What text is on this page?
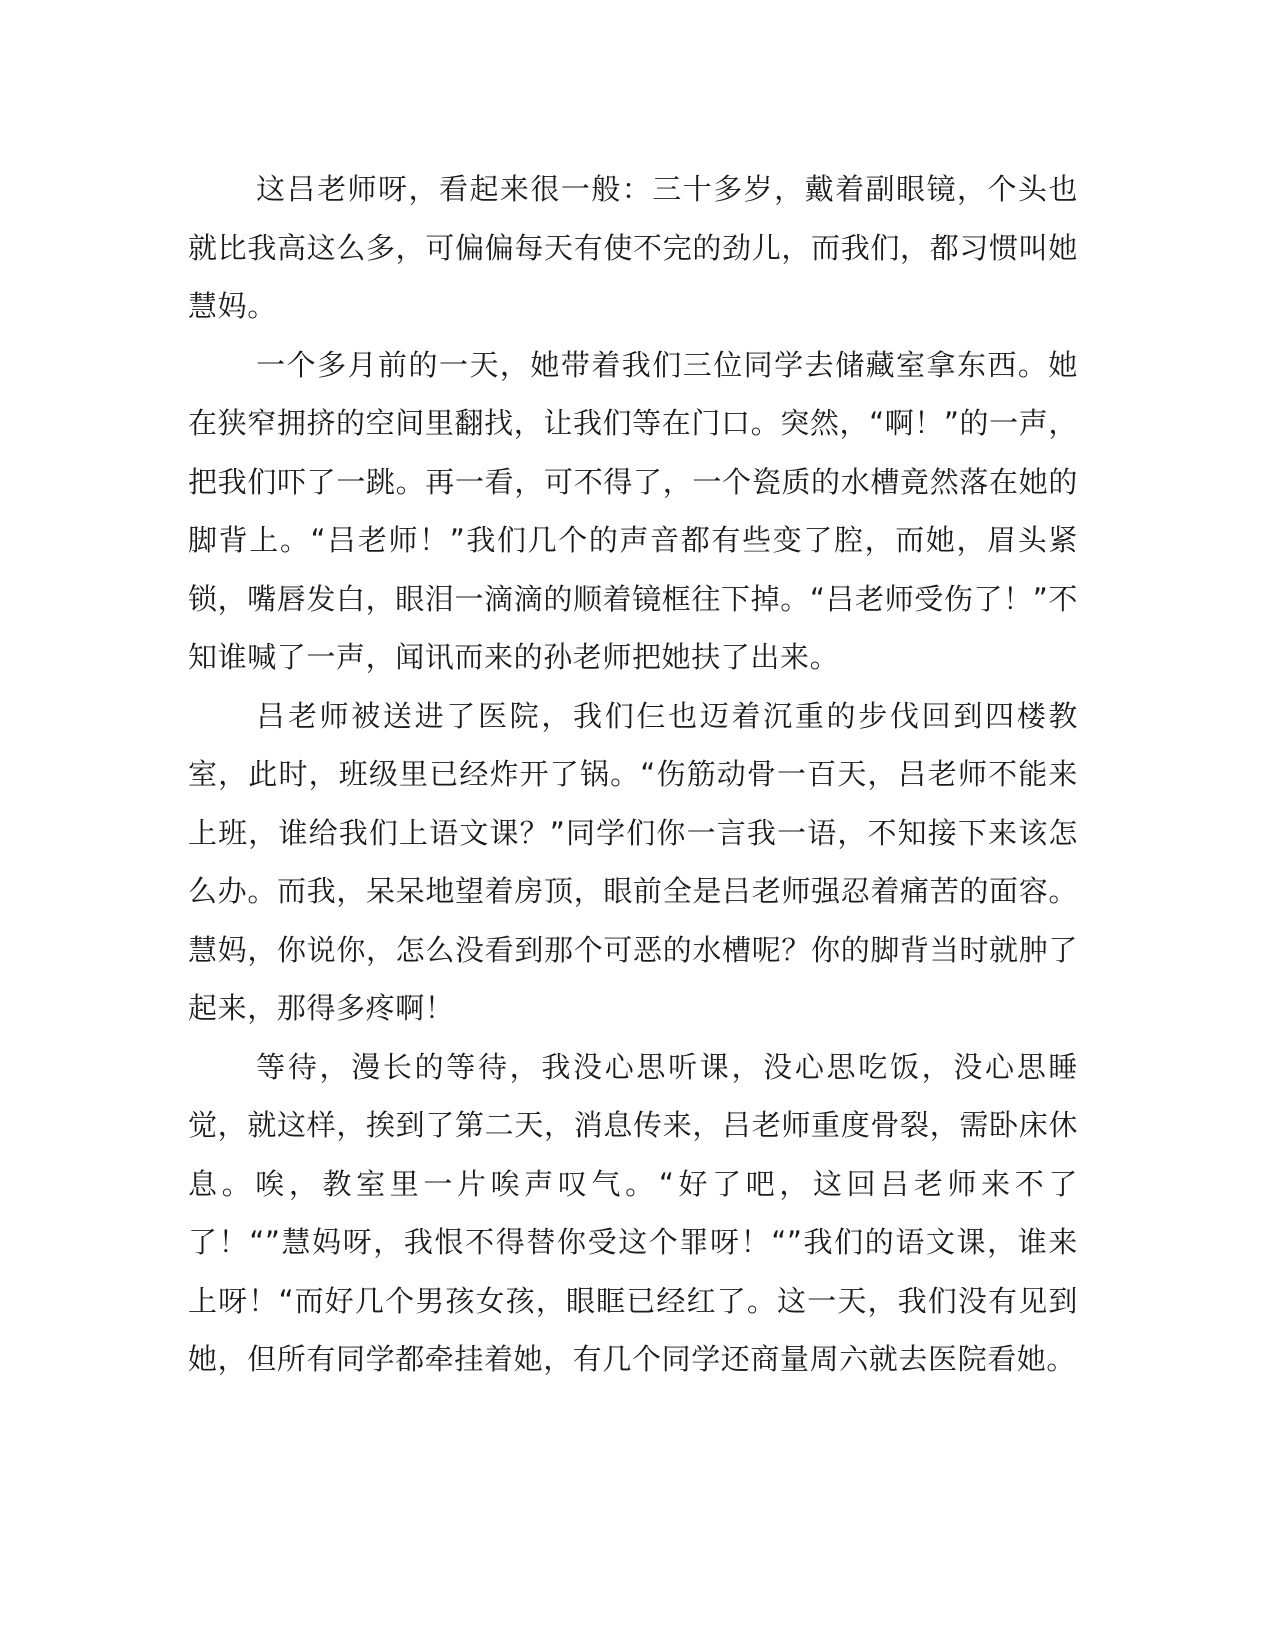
这吕老师呀，看起来很一般：三十多岁，戴着副眼镜，个头也就比我高这么多，可偏偏每天有使不完的劲儿，而我们，都习惯叫她慧妈。

一个多月前的一天，她带着我们三位同学去储藏室拿东西。她在狭窄拥挤的空间里翻找，让我们等在门口。突然，“啊！”的一声，把我们吓了一跳。再一看，可不得了，一个瓷质的水槽竟然落在她的脚背上。“吕老师！”我们几个的声音都有些变了腔，而她，眉头紧锁，嘴唇发白，眼泪一滴滴的顺着镜框往下掉。“吕老师受伤了！”不知谁喊了一声，闻讯而来的孙老师把她扶了出来。

吕老师被送进了医院，我们仨也迈着沉重的步伐回到四楼教室，此时，班级里已经炸开了锅。“伤筋动骨一百天，吕老师不能来上班，谁给我们上语文课？”同学们你一言我一语，不知接下来该怎么办。而我，呆呆地望着房顶，眼前全是吕老师强忍着痛苦的面容。慧妈，你说你，怎么没看到那个可恶的水槽呢？你的脚背当时就肿了起来，那得多疼啊！

等待，漫长的等待，我没心思听课，没心思吃饭，没心思睡觉，就这样，挨到了第二天，消息传来，吕老师重度骨裂，需卧床休息。唉，教室里一片唉声叹气。“好了吧，这回吕老师来不了了！“”慧妈呀，我恨不得替你受这个罪呀！“”我们的语文课，谁来上呀！“而好几个男孩女孩，眼眶已经红了。这一天，我们没有见到她，但所有同学都牵挂着她，有几个同学还商量周六就去医院看她。
